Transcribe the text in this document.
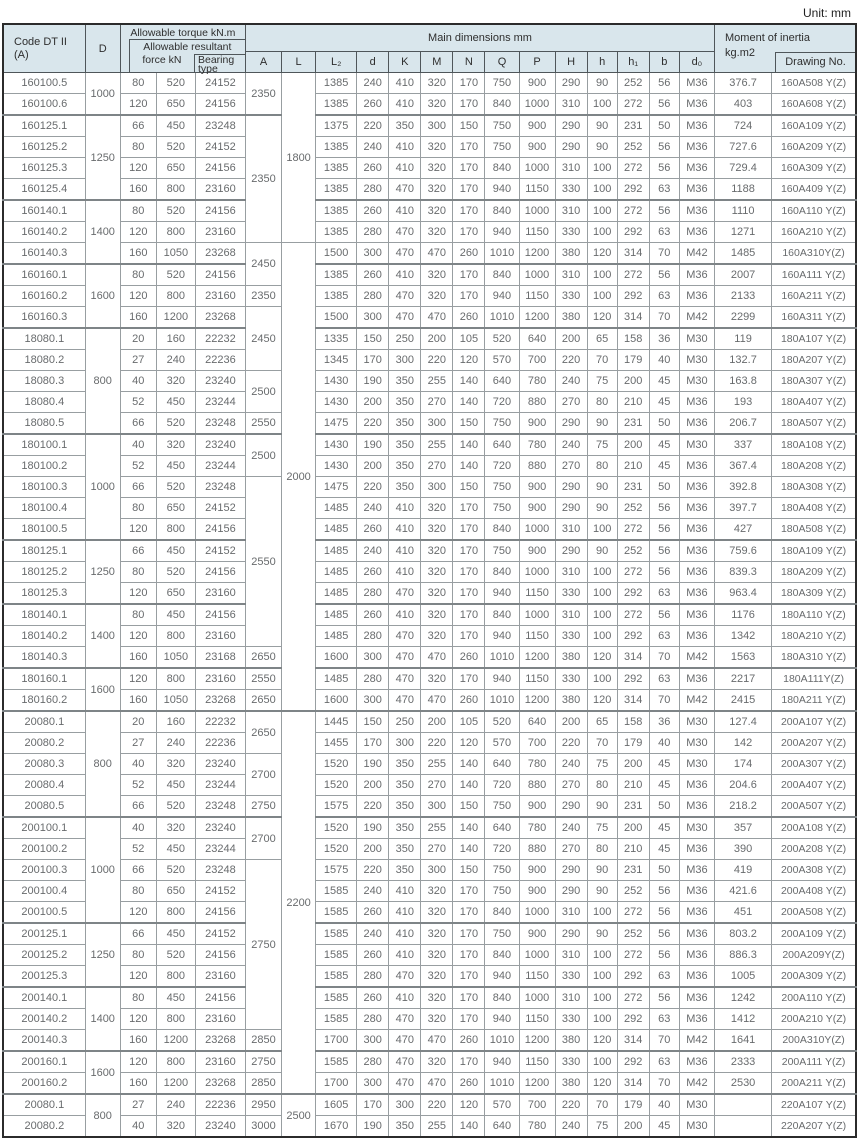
Unit: mm
Code DT II (A)	D	
Allowable torque kN.m
Allowable resultant
force kN	Bearing type
	Main dimensions mm	Moment of inertia kg.m2
Drawing No.

					A	L	L₂	d	K	M	N	Q	P	H	h	h₁	b	d₀		
160100.5	1000	80	520	24152	2350	1800	1385	240	410	320	170	750	900	290	90	252	56	M36	376.7	160A508 Y(Z)
160100.6		120	650	24156			1385	260	410	320	170	840	1000	310	100	272	56	M36	403	160A608 Y(Z)
160125.1	1250	66	450	23248	2350		1375	220	350	300	150	750	900	290	90	231	50	M36	724	160A109 Y(Z)
160125.2		80	520	24152			1385	240	410	320	170	750	900	290	90	252	56	M36	727.6	160A209 Y(Z)
160125.3		120	650	24156			1385	260	410	320	170	840	1000	310	100	272	56	M36	729.4	160A309 Y(Z)
160125.4		160	800	23160			1385	280	470	320	170	940	1150	330	100	292	63	M36	1188	160A409 Y(Z)
160140.1	1400	80	520	24156			1385	260	410	320	170	840	1000	310	100	272	56	M36	1110	160A110 Y(Z)
160140.2		120	800	23160			1385	280	470	320	170	940	1150	330	100	292	63	M36	1271	160A210 Y(Z)
160140.3		160	1050	23268	2450	2000	1500	300	470	470	260	1010	1200	380	120	314	70	M42	1485	160A310Y(Z)
160160.1	1600	80	520	24156			1385	260	410	320	170	840	1000	310	100	272	56	M36	2007	160A111 Y(Z)
160160.2		120	800	23160	2350		1385	280	470	320	170	940	1150	330	100	292	63	M36	2133	160A211 Y(Z)
160160.3		160	1200	23268	2450		1500	300	470	470	260	1010	1200	380	120	314	70	M42	2299	160A311 Y(Z)
18080.1	800	20	160	22232			1335	150	250	200	105	520	640	200	65	158	36	M30	119	180A107 Y(Z)
18080.2		27	240	22236			1345	170	300	220	120	570	700	220	70	179	40	M30	132.7	180A207 Y(Z)
18080.3		40	320	23240	2500		1430	190	350	255	140	640	780	240	75	200	45	M30	163.8	180A307 Y(Z)
18080.4		52	450	23244			1430	200	350	270	140	720	880	270	80	210	45	M36	193	180A407 Y(Z)
18080.5		66	520	23248	2550		1475	220	350	300	150	750	900	290	90	231	50	M36	206.7	180A507 Y(Z)
180100.1	1000	40	320	23240	2500		1430	190	350	255	140	640	780	240	75	200	45	M30	337	180A108 Y(Z)
180100.2		52	450	23244			1430	200	350	270	140	720	880	270	80	210	45	M36	367.4	180A208 Y(Z)
180100.3		66	520	23248	2550		1475	220	350	300	150	750	900	290	90	231	50	M36	392.8	180A308 Y(Z)
180100.4		80	650	24152			1485	240	410	320	170	750	900	290	90	252	56	M36	397.7	180A408 Y(Z)
180100.5		120	800	24156			1485	260	410	320	170	840	1000	310	100	272	56	M36	427	180A508 Y(Z)
180125.1	1250	66	450	24152			1485	240	410	320	170	750	900	290	90	252	56	M36	759.6	180A109 Y(Z)
180125.2		80	520	24156			1485	260	410	320	170	840	1000	310	100	272	56	M36	839.3	180A209 Y(Z)
180125.3		120	650	23160			1485	280	470	320	170	940	1150	330	100	292	63	M36	963.4	180A309 Y(Z)
180140.1	1400	80	450	24156			1485	260	410	320	170	840	1000	310	100	272	56	M36	1176	180A110 Y(Z)
180140.2		120	800	23160			1485	280	470	320	170	940	1150	330	100	292	63	M36	1342	180A210 Y(Z)
180140.3		160	1050	23168	2650		1600	300	470	470	260	1010	1200	380	120	314	70	M42	1563	180A310 Y(Z)
180160.1	1600	120	800	23160	2550		1485	280	470	320	170	940	1150	330	100	292	63	M36	2217	180A111Y(Z)
180160.2		160	1050	23268	2650		1600	300	470	470	260	1010	1200	380	120	314	70	M42	2415	180A211 Y(Z)
20080.1	800	20	160	22232	2650	2200	1445	150	250	200	105	520	640	200	65	158	36	M30	127.4	200A107 Y(Z)
20080.2		27	240	22236			1455	170	300	220	120	570	700	220	70	179	40	M30	142	200A207 Y(Z)
20080.3		40	320	23240	2700		1520	190	350	255	140	640	780	240	75	200	45	M30	174	200A307 Y(Z)
20080.4		52	450	23244			1520	200	350	270	140	720	880	270	80	210	45	M36	204.6	200A407 Y(Z)
20080.5		66	520	23248	2750		1575	220	350	300	150	750	900	290	90	231	50	M36	218.2	200A507 Y(Z)
200100.1	1000	40	320	23240	2700		1520	190	350	255	140	640	780	240	75	200	45	M30	357	200A108 Y(Z)
200100.2		52	450	23244			1520	200	350	270	140	720	880	270	80	210	45	M36	390	200A208 Y(Z)
200100.3		66	520	23248	2750		1575	220	350	300	150	750	900	290	90	231	50	M36	419	200A308 Y(Z)
200100.4		80	650	24152			1585	240	410	320	170	750	900	290	90	252	56	M36	421.6	200A408 Y(Z)
200100.5		120	800	24156			1585	260	410	320	170	840	1000	310	100	272	56	M36	451	200A508 Y(Z)
200125.1	1250	66	450	24152			1585	240	410	320	170	750	900	290	90	252	56	M36	803.2	200A109 Y(Z)
200125.2		80	520	24156			1585	260	410	320	170	840	1000	310	100	272	56	M36	886.3	200A209Y(Z)
200125.3		120	800	23160			1585	280	470	320	170	940	1150	330	100	292	63	M36	1005	200A309 Y(Z)
200140.1	1400	80	450	24156			1585	260	410	320	170	840	1000	310	100	272	56	M36	1242	200A110 Y(Z)
200140.2		120	800	23160			1585	280	470	320	170	940	1150	330	100	292	63	M36	1412	200A210 Y(Z)
200140.3		160	1200	23268	2850		1700	300	470	470	260	1010	1200	380	120	314	70	M42	1641	200A310Y(Z)
200160.1	1600	120	800	23160	2750		1585	280	470	320	170	940	1150	330	100	292	63	M36	2333	200A111 Y(Z)
200160.2		160	1200	23268	2850		1700	300	470	470	260	1010	1200	380	120	314	70	M42	2530	200A211 Y(Z)
20080.1	800	27	240	22236	2950	2500	1605	170	300	220	120	570	700	220	70	179	40	M30		220A107 Y(Z)
20080.2		40	320	23240	3000		1670	190	350	255	140	640	780	240	75	200	45	M30		220A207 Y(Z)
